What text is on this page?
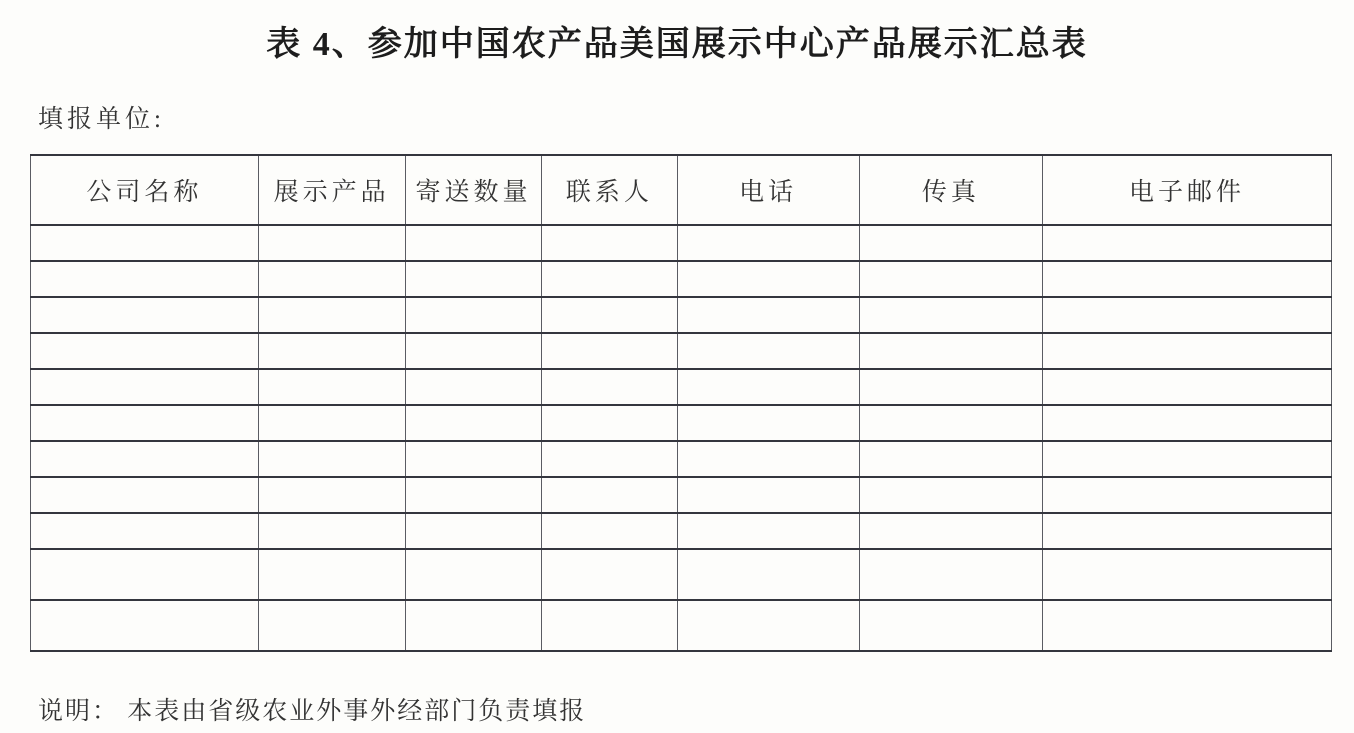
表 4、参加中国农产品美国展示中心产品展示汇总表
填报单位:
公司名称	展示产品	寄送数量	联系人	电话	传真	电子邮件

说明： 本表由省级农业外事外经部门负责填报
